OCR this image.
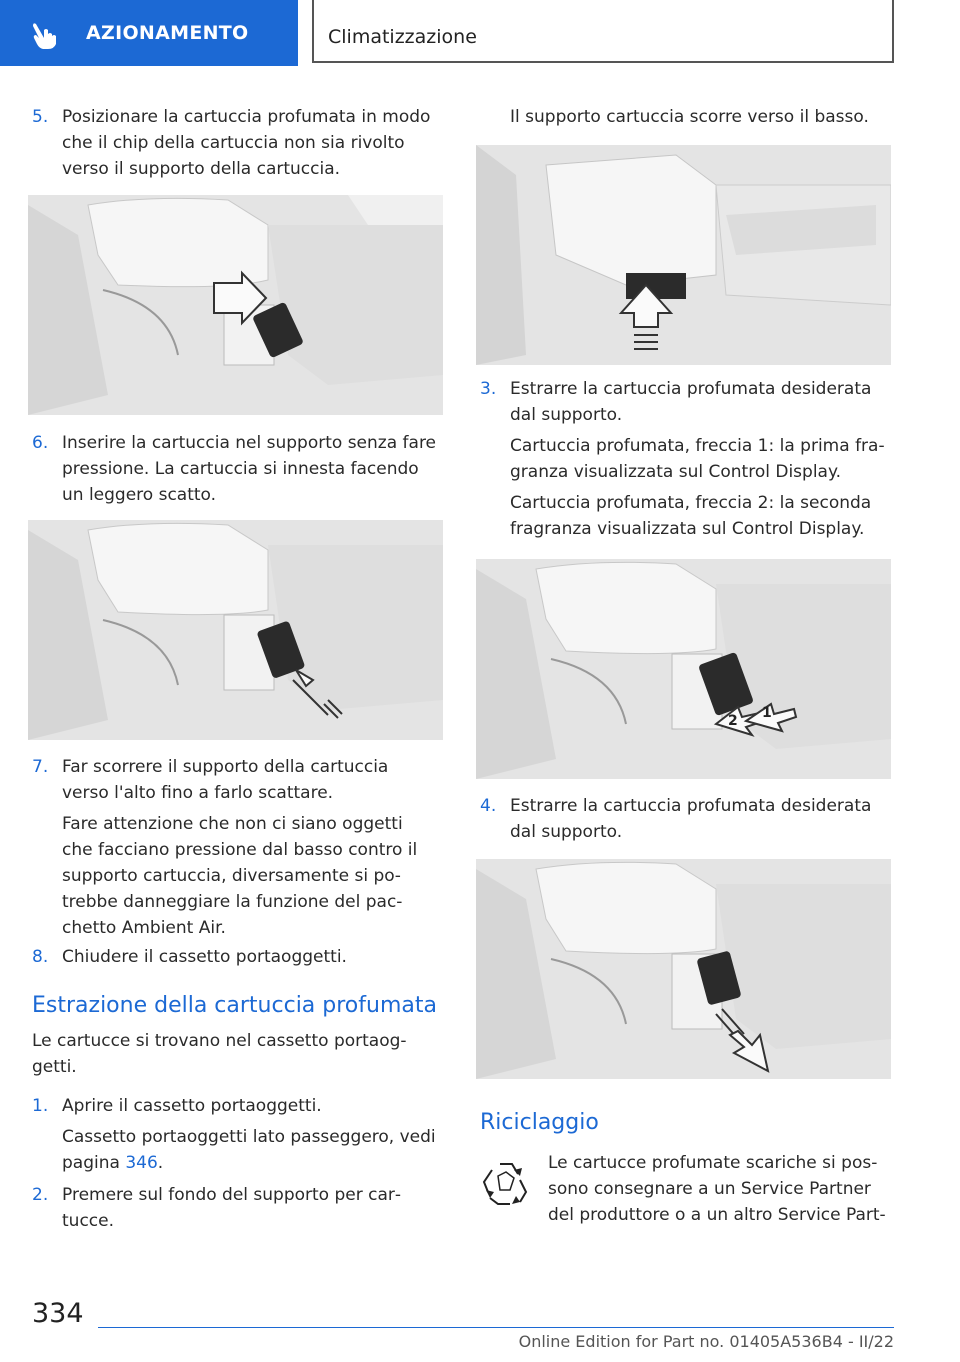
AZIONAMENTO	Climatizzazione
5. Posizionare la cartuccia profumata in modo
che il chip della cartuccia non sia rivolto
verso il supporto della cartuccia.
6. Inserire la cartuccia nel supporto senza fare
pressione. La cartuccia si innesta facendo
un leggero scatto.
7. Far scorrere il supporto della cartuccia
verso l'alto fino a farlo scattare.
Fare attenzione che non ci siano oggetti
che facciano pressione dal basso contro il
supporto cartuccia, diversamente si po‐
trebbe danneggiare la funzione del pac‐
chetto Ambient Air.
8. Chiudere il cassetto portaoggetti.
Estrazione della cartuccia profumata
Le cartucce si trovano nel cassetto portaog‐
getti.
1. Aprire il cassetto portaoggetti.
Cassetto portaoggetti lato passeggero, vedi
pagina 346.
2. Premere sul fondo del supporto per car‐
tucce.
Il supporto cartuccia scorre verso il basso.
3. Estrarre la cartuccia profumata desiderata
dal supporto.
Cartuccia profumata, freccia 1: la prima fra‐
granza visualizzata sul Control Display.
Cartuccia profumata, freccia 2: la seconda
fragranza visualizzata sul Control Display.
2 1
4. Estrarre la cartuccia profumata desiderata
dal supporto.
Riciclaggio
Le cartucce profumate scariche si pos‐
sono consegnare a un Service Partner
del produttore o a un altro Service Part‐
334
Online Edition for Part no. 01405A536B4 - II/22
